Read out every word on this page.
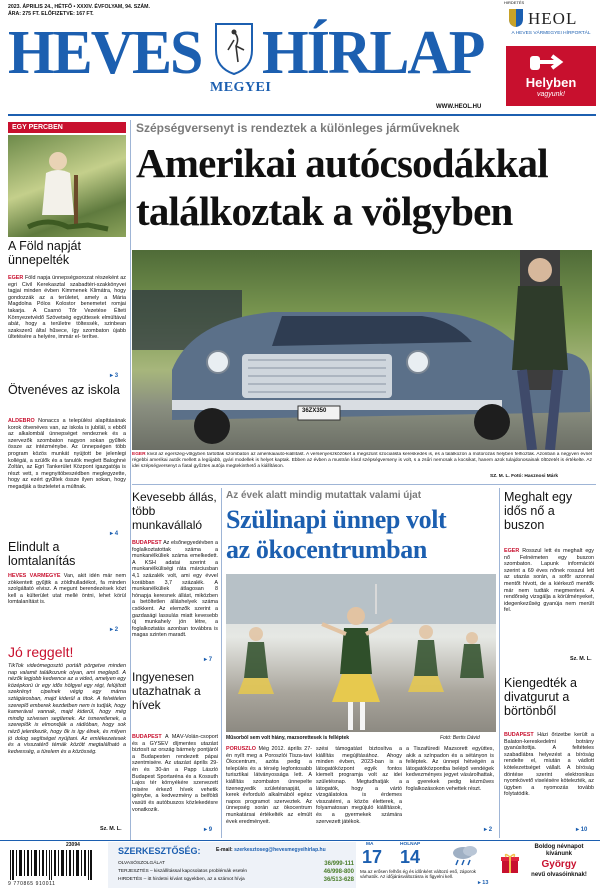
2023. ÁPRILIS 24., HÉTFŐ • XXXIV. ÉVFOLYAM, 94. SZÁM.
ÁRA: 275 FT. ELŐFIZETVE: 167 FT.
HEVES HÍRLAP
MEGYEI
WWW.HEOL.HU
HIRDETÉS
HEOL
A HEVES VÁRMEGYEI HÍRPORTÁL
Helyben
vagyunk!
EGY PERCBEN
A Föld napját ünnepelték
EGER Föld napja ünnepségsorozat részeként az egri Civil Kerekasztal szabadtéri-szakkönyvei tagjai minden évben Kimmenek Klimátra, hogy gondozzák az a területet, amely a Mária Magdolna Pólos Kolostor benemetet romjai takarja. A Csarnó Tőr Vezetése Élteti Környezetvédő Szövetség együttesek elmúltával abát, hogy a területre töltessék, szinbean szakszerű által hűsece, így szombaton újabb ültetésére a helyére, immár el- terítve.
▸ 3
Ötvenéves az iskola
ALDEBRŐ Nonaccs a települési alapításának korok ötvenéves van, az iskola is jubilál, s ebből az alkalombál ünnepséget rendeznek és a szervezők szombaton nagyon sokan gyűltek össze az intézménybe. Az ünnepségen több program közös munkát nyújtott be jelenlegi kollégái, a szülők és a tanulók meglett Baloghné Zoltán, az Egri Tankerület Központ igazgatója is részt vett, s megnyitóbeszédben meglegyzette, hogy az ezért gyűltek össze ilyen sokan, hogy megadják a tiszteletet a múltnak.
▸ 4
Elindult a lomtalanítás
HEVES VÁRMEGYE Van, akit idén már nem zökkentett gyűjtik a zöldhulladékot, fa minden szolgáltató elvisz. A megunt berendezések közt kell a külterület utat mellé öntni, lehet körül lomtalanítást is.
▸ 2
Jó reggelt!
TikTok videómegosztó portált pörgetve minden nap valamit találkozunk olyan, ami meglepő. A nézők legjobb kedvence az a videó, amelyen egy középkorú úr egy idős hölgyel egy régi, felújított szekrényt cipelnek végig egy márna sztágárosban, majd kiderül a titok. A felvételen szereplő emberek kezdetben nem is tudják, hogy kamerával vannak, majd kiderül, hogy még mindig szívesen segítenek. Az ismeretlenek, a szereplők is elmondják a rádióban, hogy sok néző jelentkezik, hogy ők is így élnek, és milyen jó dolog segítséget nyújtani. Az emlékezetesek és a visszatérő témák között megtalálható a kedvesség, a türelem és a közösség.
Sz. M. L.
Szépségversenyt is rendeztek a különleges járműveknek
Amerikai autócsodákkal
találkoztak a völgyben
36ZX350
EGER kívül az egerszeg-völgyben tartottak szombaton az amerikaiautó-kiállítást. A versenyeszközöket a megszűnt szocialista kereskedés is, és a találkozón a motorozás helyben felhozták. Azonban a negyven évnél régebbi amerikai autók mellett a legújabb, gyári modellek is helyet kaptak. Ebben az évben a mustrán kívül szépségverseny is volt, s a zsűri nemcsak a kocsikat, hanem azok tulajdonosainak öltözetét is értékelte. Az idei szépségversenyt a fiatal győztes autója megtekinthető a kiállításon.
SZ. M. L. Fotó: Hasznosi Márk
Kevesebb állás, több munkavállaló
BUDAPEST Az elsőnegyedévben a foglalkoztatottak száma a munkanélküliek száma emelkedett. A KSH adatai szerint a munkanélküliségi ráta márciusban 4,1 százalék volt, ami egy évvel korábban 3,7 százalék. A munkanélküliek átlagosan 8 hónapja keresnek állást, miközben a betöltetlen álláshelyek száma csökkent. Az elemzők szerint a gazdasági lassulás miatt kevesebb új munkahely jön létre, a foglalkoztatás azonban továbbra is magas szinten maradt.
▸ 7
Ingyenesen utazhatnak a hívek
BUDAPEST A MÁV-Volán-csoport és a GYSEV díjmentes utazást biztosít az ország bármely pontjáról a Budapesten rendezett pápai szentmisére. Az utazást április 29-én és 30-án a Papp László Budapest Sportaréna és a Kossuth Lajos tér környékére szervezett misére érkező hívek vehetik igénybe, a kedvezmény a belföldi vasúti és autóbuszos közlekedésre vonatkozik.
▸ 9
Az évek alatt mindig mutattak valami újat
Szülinapi ünnep volt
az ökocentrumban
Műsorból sem volt hiány, mazsorettesek is felléptek	Fotó: Bertis Dávid
PORUSZLÓ Még 2012. április 27-én nyílt meg a Poroszlói Tisza-tavi Ökocentrum, azóta pedig a település és a térség legfontosabb turisztikai látványossága lett. A kiállítás szombaton ünnepelte tizenegyedik születésnapját, a kerek évforduló alkalmából egész napos programot szerveztek. Az ünnepség során az ökocentrum munkatársai értékelték az elmúlt évek eredményeit.
szési támogatást biztosítva a kiállítás megújításához. Ahogy minden évben, 2023-ban is a látogatóközpont egyik fontos kiemelt programja volt az idei születésnap. Megtudhatják a látogatók, hogy a vártó vizsgálatokra is érdemes visszatérni, a közös életterek, a folyamatosan megújuló kiállítások, és a gyermekek számára szervezett játékok.
a Tiszafüredi Mazsorett együttes, akik a színpadon és a sétányon is felléptek. Az ünnepi hétvégén a látogatóközpontba belépő vendégek kedvezményes jegyet vásárolhattak, a gyerekek pedig kézműves foglalkozásokon vehettek részt.
▸ 2
Meghalt egy idős nő a buszon
EGER Rosszul lett és meghalt egy nő Felnémeten egy buszon szombaton. Lapunk információi szerint a 69 éves nőnek rosszul lett az utazás során, a sofőr azonnal mentőt hívott, de a kiérkező mentők már nem tudták megmenteni. A rendőrség vizsgálja a körülményeket, idegenkezűség gyanúja nem merült fel.
Sz. M. L.
Kiengedték a divatgurut a börtönből
BUDAPEST Házi őrizetbe került a Balaton-kereskedelmi botrány gyanúsítottja. A feltételes szabadlábra helyezést a bíróság rendelte el, miután a vádlott kötelezettséget vállalt. A bíróság döntése szerint elektronikus nyomkövető viselésére kötelezték, az ügyben a nyomozás tovább folytatódik.
▸ 10
23094
9 770865 910011
SZERKESZTŐSÉG:	E-mail: szerkesztoseg@hevesmegyeihirlap.hu
OLVASÓSZOLGÁLAT	36/999-111
TERJESZTÉS – kiszállítással kapcsolatos problémák esetén	46/998-800
HIRDETÉS – itt hirdetni kívánt ügyekben, az a számot hívja	36/513-628
MA
17
HOLNAP
14
Ma az erősen felhős ég és időnként változó eső, záporok várhatók. Az időjárásváltozásra is figyelni kell.
▸ 13
Boldog névnapot kívánunk
György
nevű olvasóinknak!
